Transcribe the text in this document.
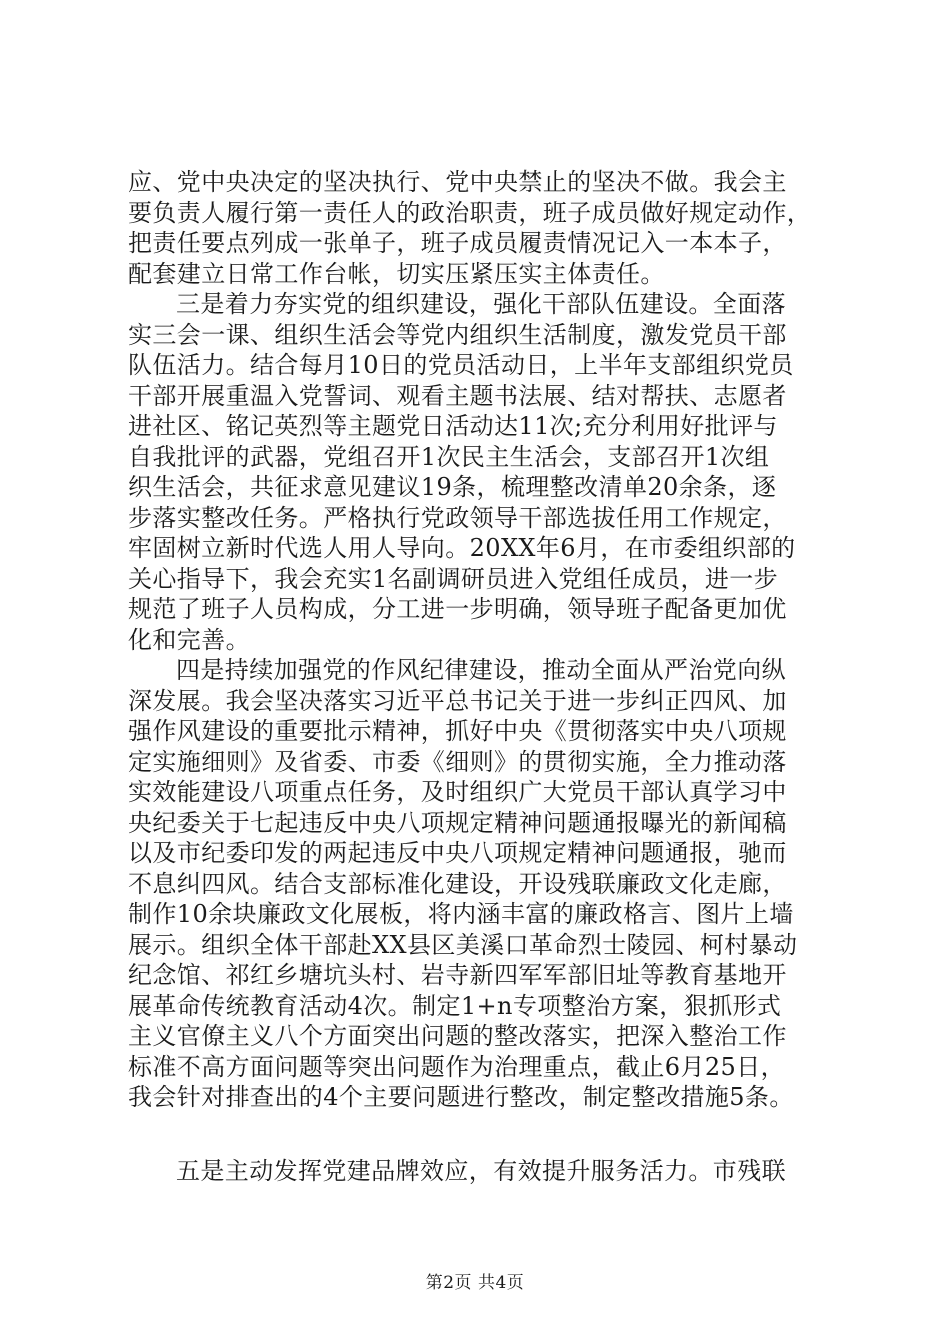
应、党中央决定的坚决执行、党中央禁止的坚决不做。我会主
要负责人履行第一责任人的政治职责，班子成员做好规定动作，
把责任要点列成一张单子，班子成员履责情况记入一本本子，
配套建立日常工作台帐，切实压紧压实主体责任。
三是着力夯实党的组织建设，强化干部队伍建设。全面落
实三会一课、组织生活会等党内组织生活制度，激发党员干部
队伍活力。结合每月10日的党员活动日，上半年支部组织党员
干部开展重温入党誓词、观看主题书法展、结对帮扶、志愿者
进社区、铭记英烈等主题党日活动达11次;充分利用好批评与
自我批评的武器，党组召开1次民主生活会，支部召开1次组
织生活会，共征求意见建议19条，梳理整改清单20余条，逐
步落实整改任务。严格执行党政领导干部选拔任用工作规定，
牢固树立新时代选人用人导向。20XX年6月，在市委组织部的
关心指导下，我会充实1名副调研员进入党组任成员，进一步
规范了班子人员构成，分工进一步明确，领导班子配备更加优
化和完善。
四是持续加强党的作风纪律建设，推动全面从严治党向纵
深发展。我会坚决落实习近平总书记关于进一步纠正四风、加
强作风建设的重要批示精神，抓好中央《贯彻落实中央八项规
定实施细则》及省委、市委《细则》的贯彻实施，全力推动落
实效能建设八项重点任务，及时组织广大党员干部认真学习中
央纪委关于七起违反中央八项规定精神问题通报曝光的新闻稿
以及市纪委印发的两起违反中央八项规定精神问题通报，驰而
不息纠四风。结合支部标准化建设，开设残联廉政文化走廊，
制作10余块廉政文化展板，将内涵丰富的廉政格言、图片上墙
展示。组织全体干部赴XX县区美溪口革命烈士陵园、柯村暴动
纪念馆、祁红乡塘坑头村、岩寺新四军军部旧址等教育基地开
展革命传统教育活动4次。制定1+n专项整治方案，狠抓形式
主义官僚主义八个方面突出问题的整改落实，把深入整治工作
标准不高方面问题等突出问题作为治理重点，截止6月25日，
我会针对排查出的4个主要问题进行整改，制定整改措施5条。
五是主动发挥党建品牌效应，有效提升服务活力。市残联
第2页 共4页
